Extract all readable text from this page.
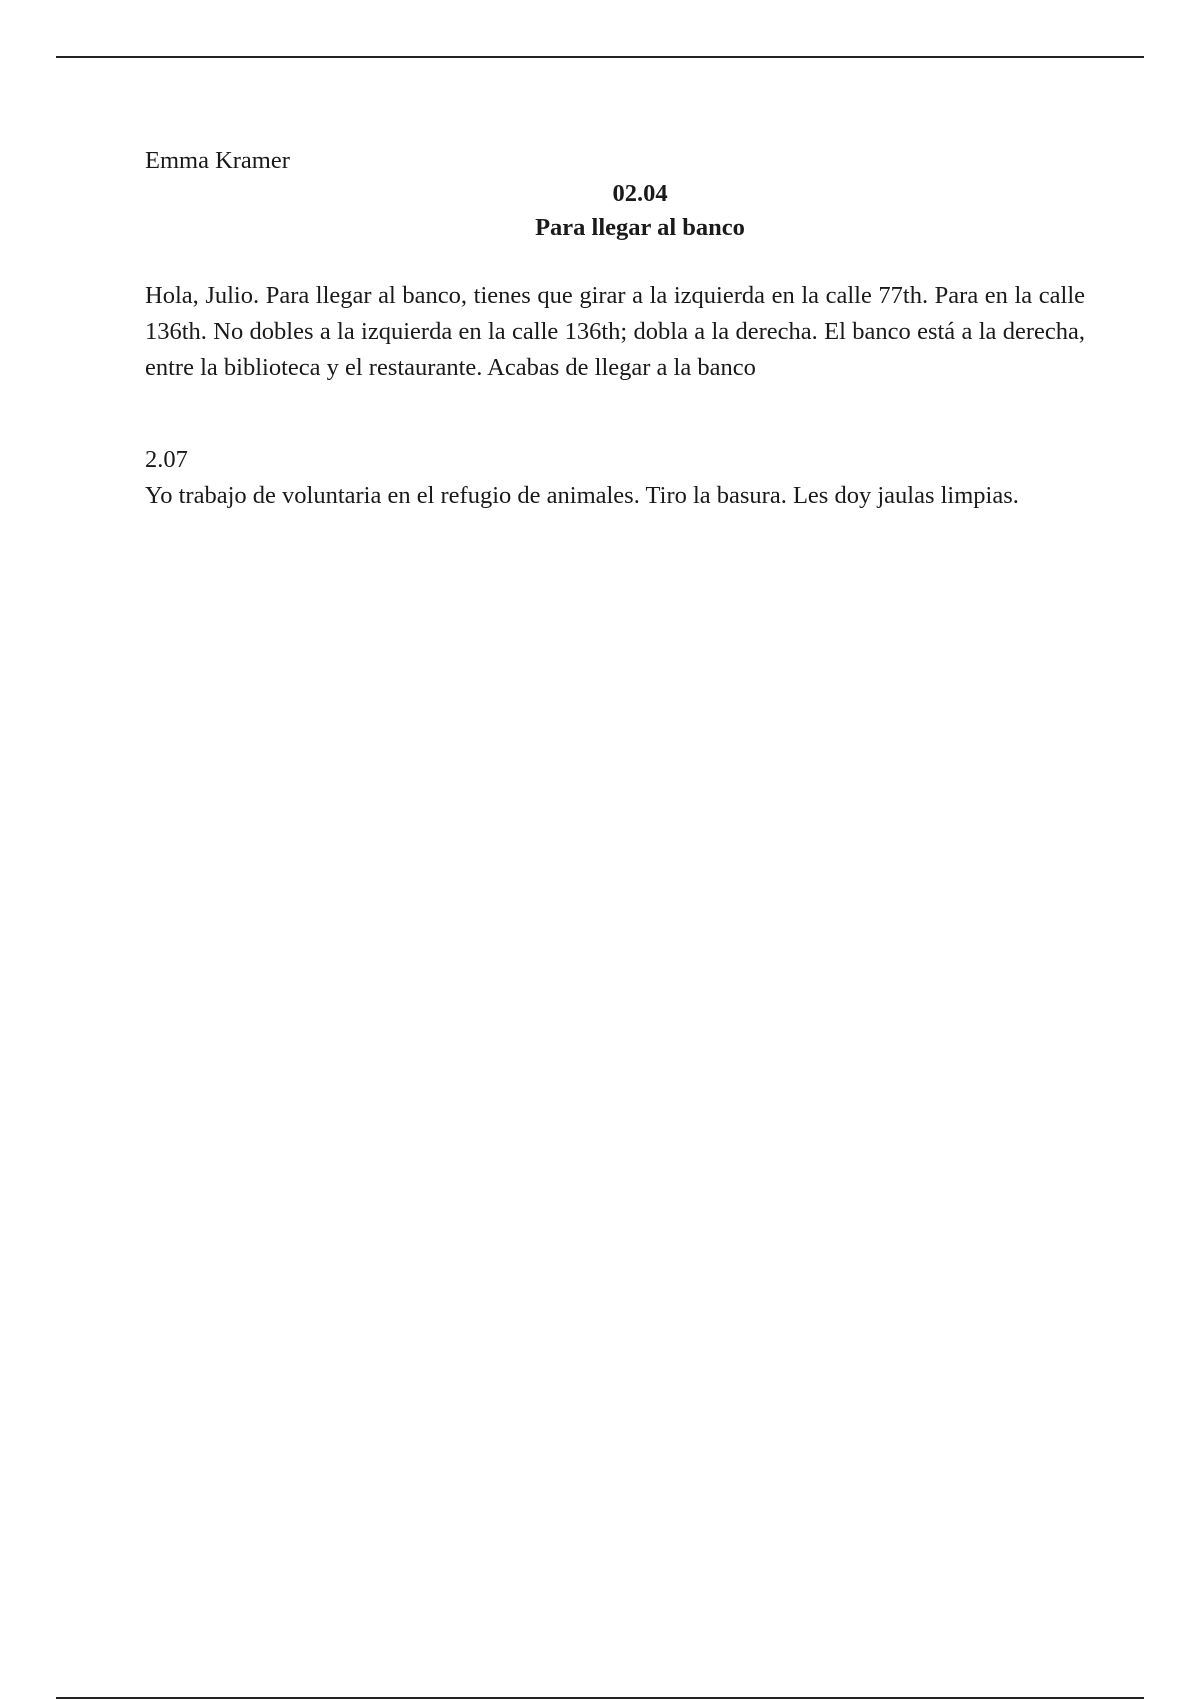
Emma Kramer
02.04
Para llegar al banco
Hola, Julio. Para llegar al banco, tienes que girar a la izquierda en la calle 77th. Para en la calle 136th. No dobles a la izquierda en la calle 136th; dobla a la derecha. El banco está a la derecha, entre la biblioteca y el restaurante. Acabas de llegar a la banco
2.07
Yo trabajo de voluntaria en el refugio de animales. Tiro la basura. Les doy jaulas limpias.
